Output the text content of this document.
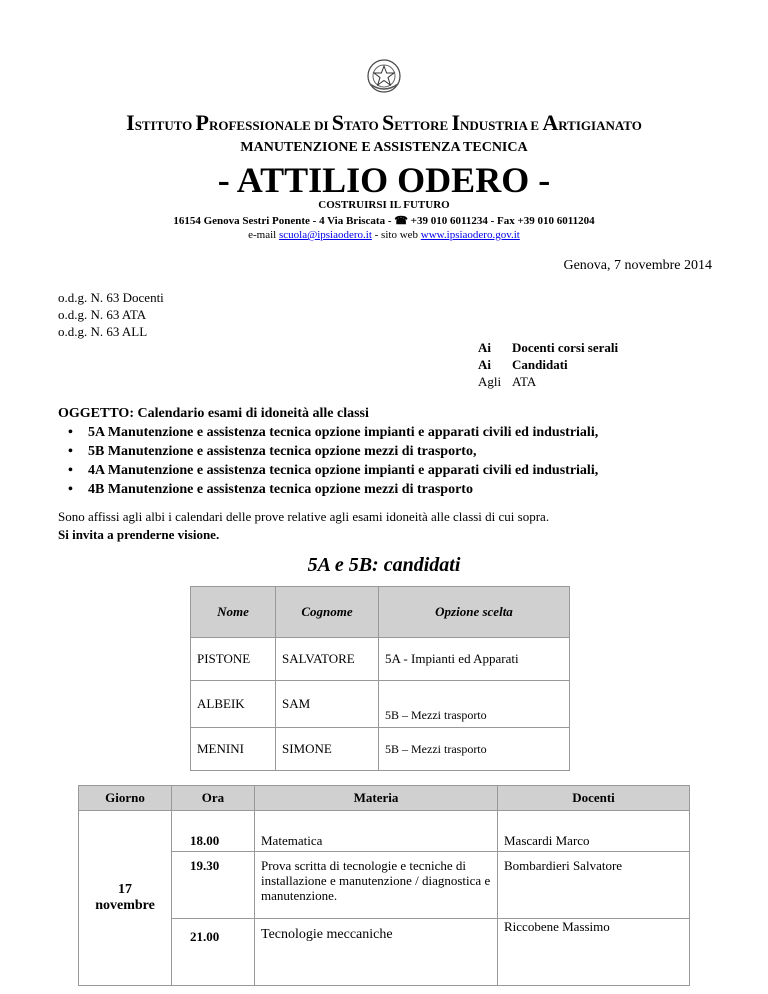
ISTITUTO PROFESSIONALE DI STATO SETTORE INDUSTRIA E ARTIGIANATO
MANUTENZIONE E ASSISTENZA TECNICA
- ATTILIO ODERO -
COSTRUIRSI IL FUTURO
16154 Genova Sestri Ponente - 4 Via Briscata - ☎ +39 010 6011234 - Fax +39 010 6011204
e-mail scuola@ipsiaodero.it - sito web www.ipsiaodero.gov.it
Genova, 7 novembre 2014
o.d.g. N. 63 Docenti
o.d.g. N. 63 ATA
o.d.g. N. 63 ALL
Ai Docenti corsi serali
Ai Candidati
Agli ATA
OGGETTO: Calendario esami di idoneità alle classi
• 5A Manutenzione e assistenza tecnica opzione impianti e apparati civili ed industriali,
• 5B Manutenzione e assistenza tecnica opzione mezzi di trasporto,
• 4A Manutenzione e assistenza tecnica opzione impianti e apparati civili ed industriali,
• 4B Manutenzione e assistenza tecnica opzione mezzi di trasporto
Sono affissi agli albi i calendari delle prove relative agli esami idoneità alle classi di cui sopra.
Si invita a prenderne visione.
5A e 5B: candidati
Nome	Cognome	Opzione scelta
PISTONE	SALVATORE	5A - Impianti ed Apparati
ALBEIK	SAM	5B – Mezzi trasporto
MENINI	SIMONE	5B – Mezzi trasporto
Giorno	Ora	Materia	Docenti

17
novembre	18.00	Matematica	Mascardi Marco
	19.30	Prova scritta di tecnologie e tecniche di installazione e manutenzione / diagnostica e manutenzione.	Bombardieri Salvatore
	21.00	Tecnologie meccaniche	Riccobene Massimo
